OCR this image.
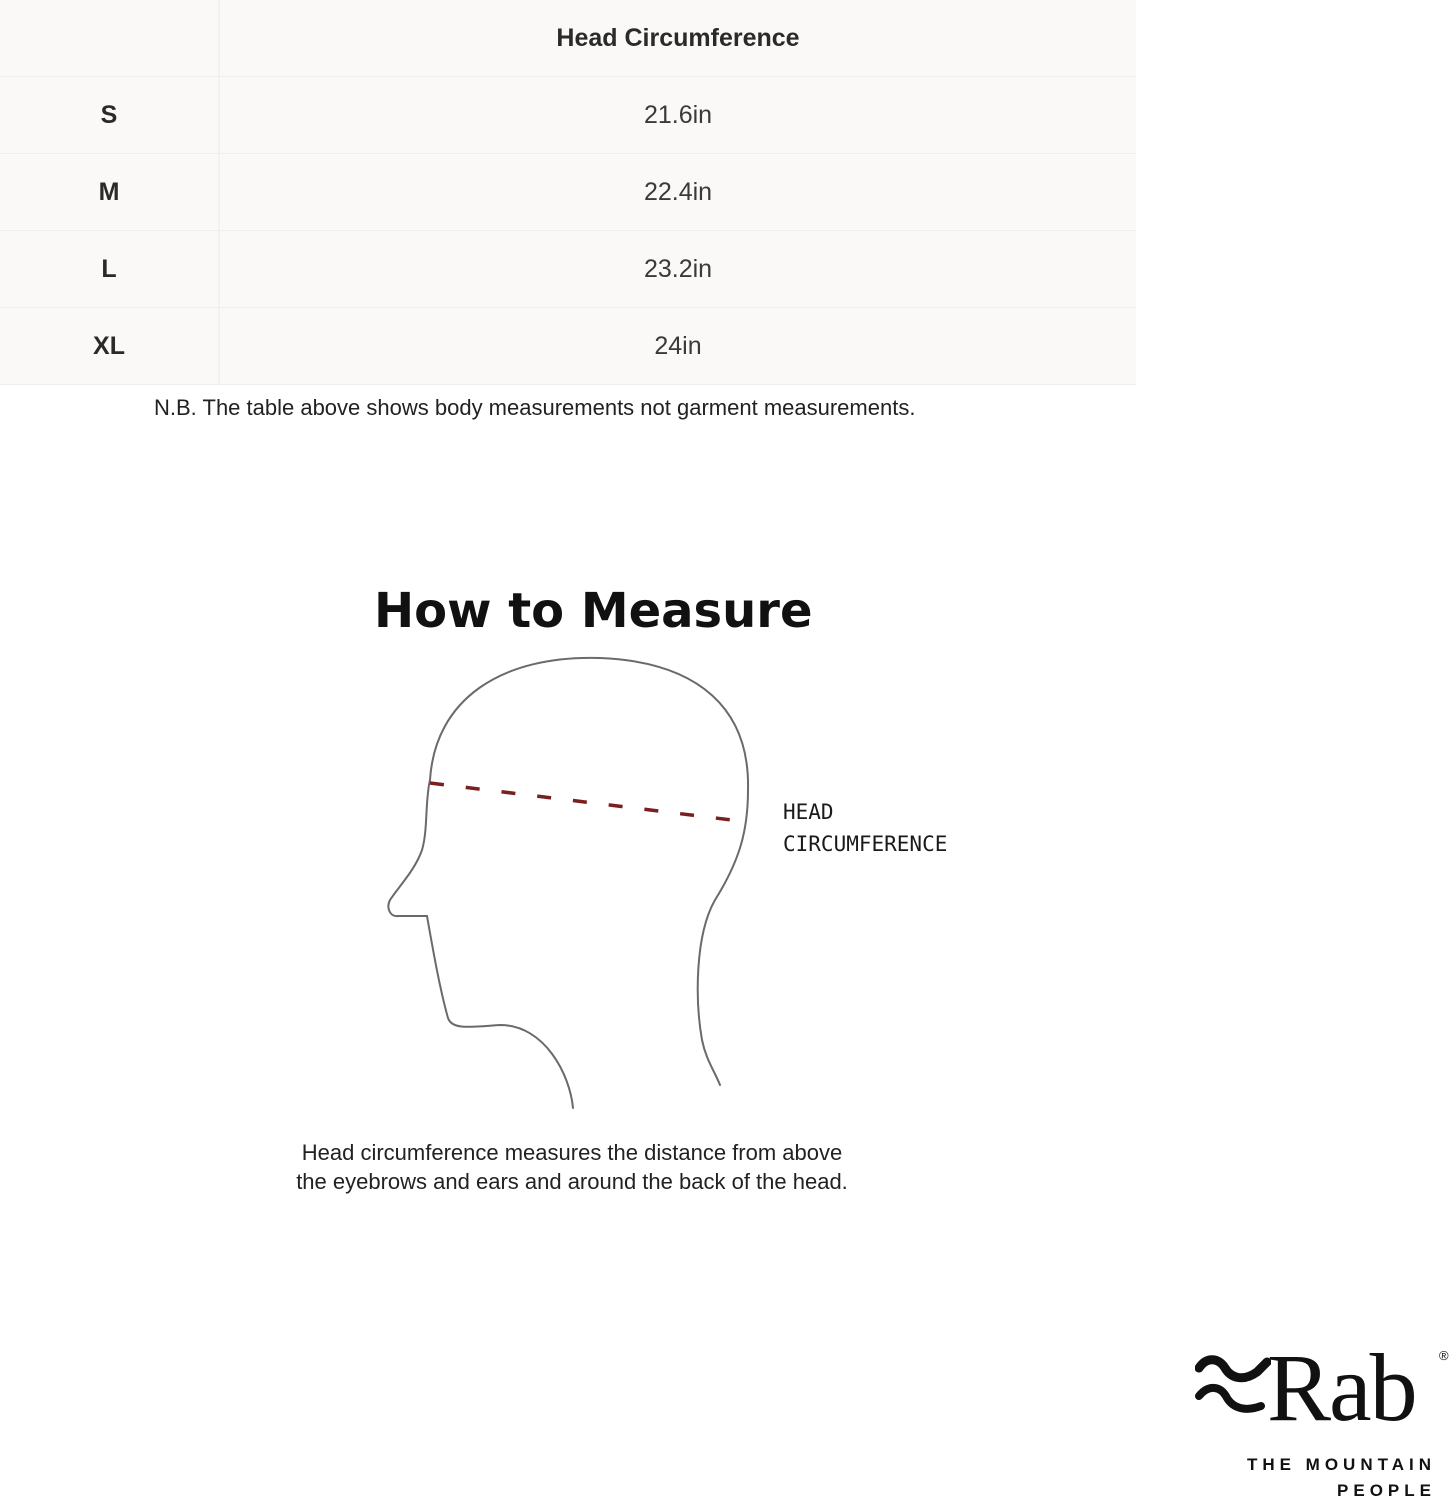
	Head Circumference
S	21.6in
M	22.4in
L	23.2in
XL	24in
N.B. The table above shows body measurements not garment measurements.
How to Measure
HEAD
CIRCUMFERENCE
Head circumference measures the distance from above the eyebrows and ears and around the back of the head.
Rab ®
THE MOUNTAIN
PEOPLE
